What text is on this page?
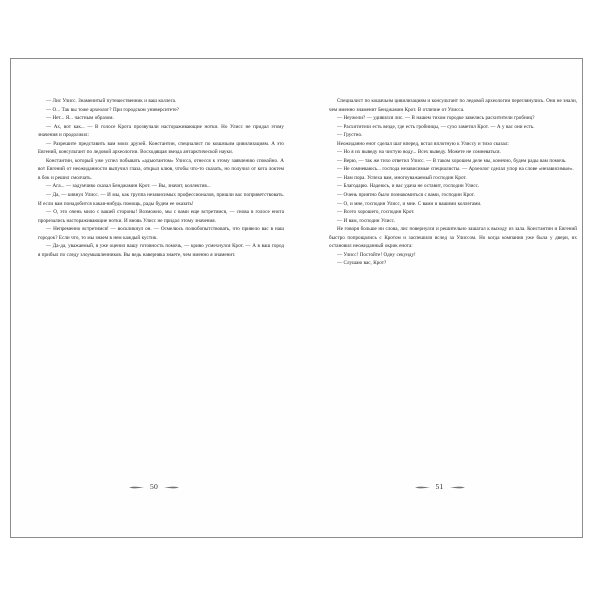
— Лис Улисс. Знаменитый путешественник и ваш коллега.

— О... Так вы тоже археолог? При городском университете?

— Нет... Я... частным образом.

— Ах, вот как... — В голосе Крота прозвучали настораживающие нотки. Но Улисс не придал этому значения и продолжил:

— Разрешите представить вам моих друзей. Константин, специалист по кошачьим цивилизациям. А это Евгений, консультант по ледовой археологии. Восходящая звезда антарктической науки.

Константин, который уже успел побывать «адъютантом» Улисса, отнесся к этому заявлению спокойно. А вот Евгений от неожиданности выпучил глаза, открыл клюв, чтобы что-то сказать, но получил от кота локтем в бок и решил смолчать.

— Ага... — задумчиво сказал Бенджамин Крот. — Вы, значит, коллектив...

— Да, — кивнул Улисс. — И мы, как группа независимых профессионалов, пришли вас поприветствовать. И если вам понадобится какая-нибудь помощь, рады будем ее оказать!

— О, это очень мило с вашей стороны! Возможно, мы с вами еще встретимся, — снова в голосе енота прорезались настораживающие нотки. И вновь Улисс не придал этому значения.

— Непременно встретимся! — воскликнул он. — Осмелюсь полюбопытствовать, что привело вас в наш городок? Если что, то мы знаем в нем каждый кустик.

— Да-да, уважаемый, я уже оценил вашу готовность помочь, — криво усмехнулся Крот. — А в ваш город я прибыл по следу злоумышленников. Вы ведь наверняка знаете, чем именно я знаменит.

50

Специалист по кошачьим цивилизациям и консультант по ледовой археологии переглянулись. Они не знали, чем именно знаменит Бенджамин Крот. В отличие от Улисса.

— Неужели? — удивился лис. — В нашем тихом городке завелись расхитители гробниц?

— Расхитители есть везде, где есть гробницы, — сухо заметил Крот. — А у вас они есть.

— Грустно.

Неожиданно енот сделал шаг вперед, встал вплотную к Улиссу и тихо сказал:

— Но я их выведу на чистую воду... Всех выведу. Можете не сомневаться.

— Верю, — так же тихо ответил Улисс. — В таком хорошем деле мы, конечно, будем рады вам помочь.

— Не сомневаюсь... господа независимые специалисты. — Археолог сделал упор на слове «независимые».

— Нам пора. Успеха вам, многоуважаемый господин Крот.

— Благодарю. Надеюсь, и вас удача не оставит, господин Улисс.

— Очень приятно было познакомиться с вами, господин Крот.

— О, и мне, господин Улисс, и мне. С вами и вашими коллегами.

— Всего хорошего, господин Крот.

— И вам, господин Улисс.

Не говоря больше ни слова, лис повернулся и решительно зашагал к выходу из зала. Константин и Евгений быстро попрощались с Кротом и заспешили вслед за Улиссом. Но когда компания уже была у двери, их остановил неожиданный окрик енота:

— Улисс! Постойте! Одну секунду!

— Слушаю вас, Крот?

51
